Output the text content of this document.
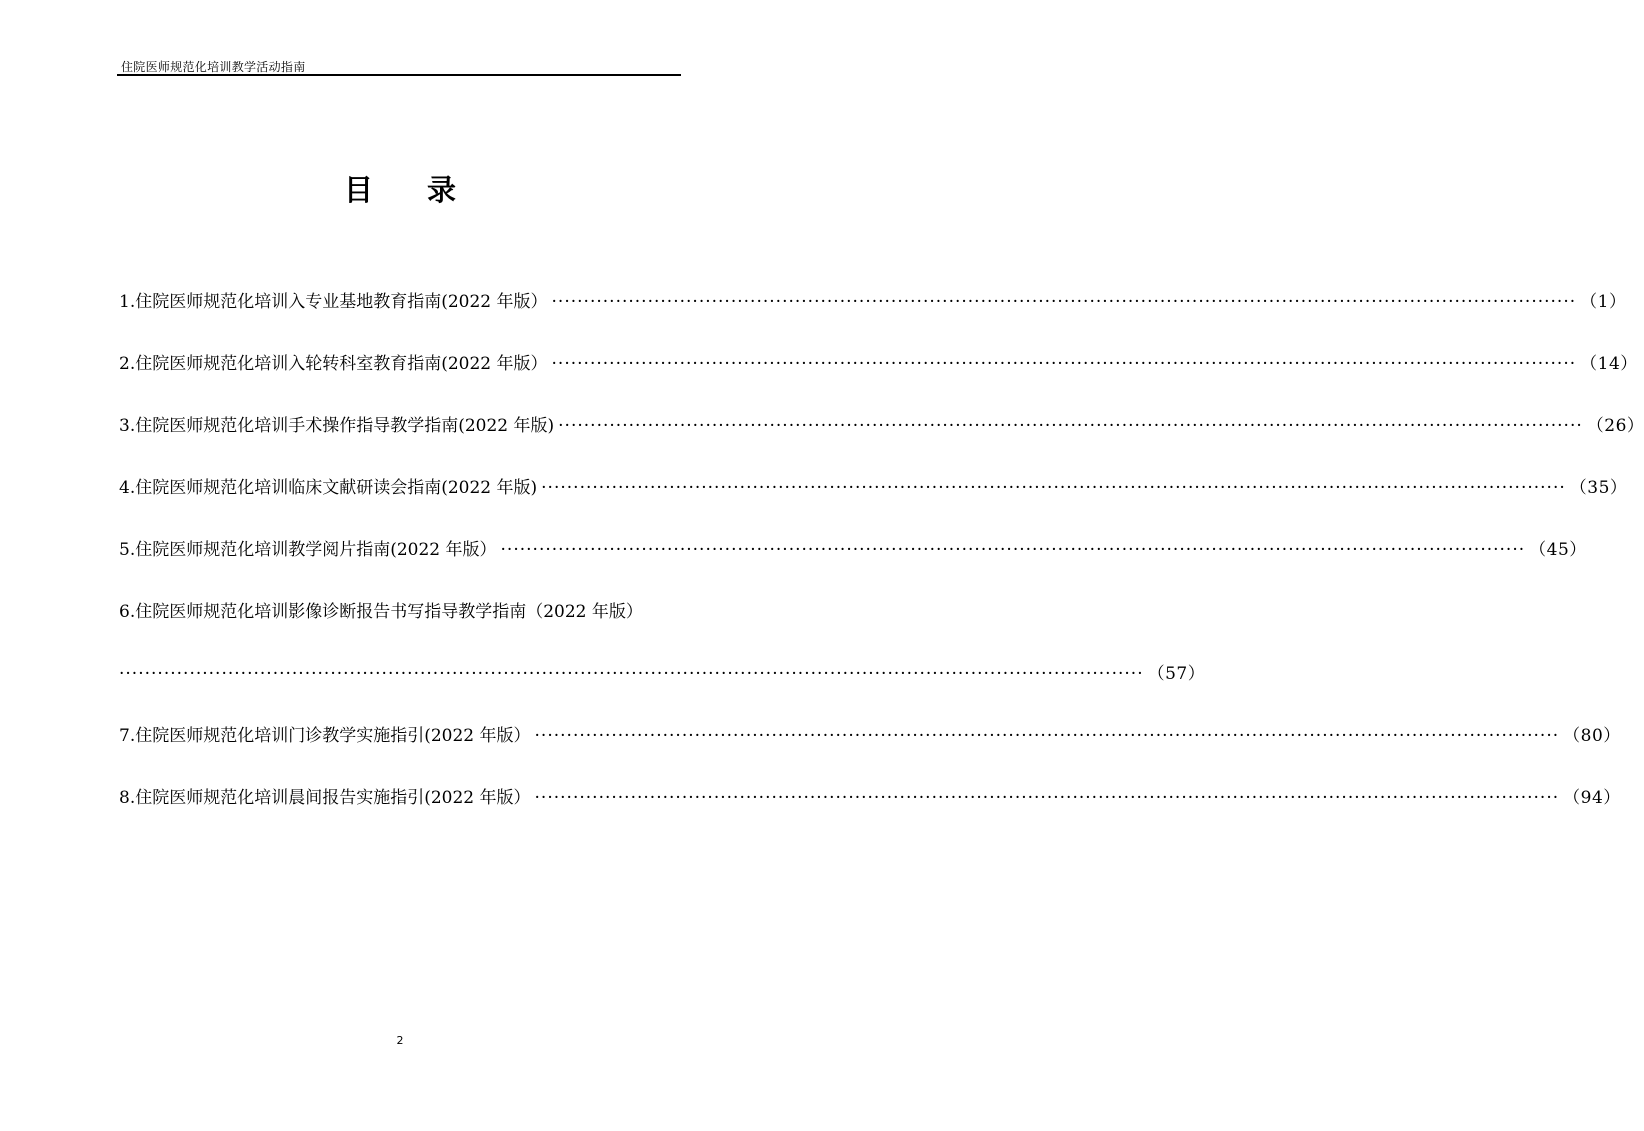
住院医师规范化培训教学活动指南
目录
1.住院医师规范化培训入专业基地教育指南(2022 年版） ································································································································································ （1）
2.住院医师规范化培训入轮转科室教育指南(2022 年版） ································································································································································ （14）
3.住院医师规范化培训手术操作指导教学指南(2022 年版) ································································································································································ （26）
4.住院医师规范化培训临床文献研读会指南(2022 年版) ································································································································································ （35）
5.住院医师规范化培训教学阅片指南(2022 年版） ································································································································································ （45）
6.住院医师规范化培训影像诊断报告书写指导教学指南（2022 年版）
································································································································································ （57）
7.住院医师规范化培训门诊教学实施指引(2022 年版） ································································································································································ （80）
8.住院医师规范化培训晨间报告实施指引(2022 年版） ································································································································································ （94）
2
